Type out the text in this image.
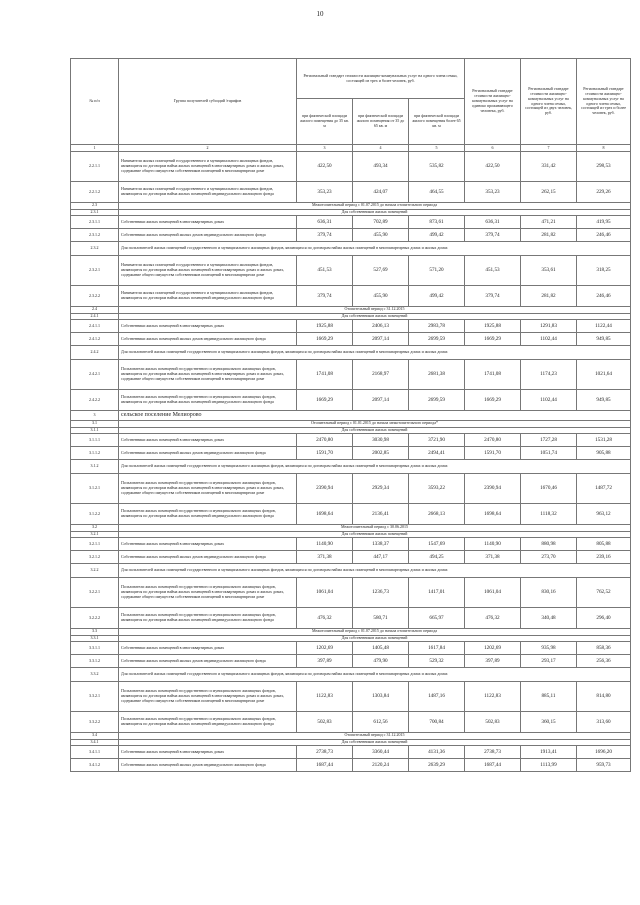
10
№ п/п	Группа получателей субсидий /тарифов	Региональный стандарт стоимости жилищно-коммунальных услуг на одного члена семьи, состоящей из трех и более человек, руб.			Региональный стандарт стоимости жилищно-коммунальных услуг на одиноко проживающего человека, руб.	Региональный стандарт стоимости жилищно-коммунальных услуг на одного члена семьи, состоящей из двух человек, руб.	Региональный стандарт стоимости жилищно-коммунальных услуг на одного члена семьи, состоящей из трех и более человек, руб.
		при фактической площади жилого помещения до 35 кв. м	при фактической площади жилого помещения от 35 до 65 кв. м	при фактической площади жилого помещения более 65 кв. м			
1	2	3	4	5	6	7	8
2.2.1.1	Наниматели жилых помещений государственного и муниципального жилищных фондов, являющиеся по договорам найма жилых помещений в многоквартирных домах и жилых домах, содержание общего имущества собственников помещений в многоквартирном доме	422,50	493,34	535,82	422,50	331,42	298,53
2.2.1.2	Наниматели жилых помещений государственного и муниципального жилищных фондов, являющиеся по договорам найма жилых помещений индивидуального жилищного фонда	353,23	424,07	464,55	353,23	262,15	229,26
2.3	Межотопительный период с 01.07.2015 до начала отопительного периода						
2.3.1	Для собственников жилых помещений						
2.3.1.1	Собственники жилых помещений в многоквартирных домах	636,31	702,89	873,61	636,31	471,21	419,95
2.3.1.2	Собственники жилых помещений жилых домов индивидуального жилищного фонда	379,74	455,90	499,42	379,74	281,82	246,46
2.3.2	Для пользователей жилых помещений государственного и муниципального жилищных фондов, являющихся по договорам найма жилых помещений в многоквартирных домах и жилых домах						
2.3.2.1	Наниматели жилых помещений государственного и муниципального жилищных фондов, являющиеся по договорам найма жилых помещений в многоквартирных домах и жилых домах, содержание общего имущества собственников помещений в многоквартирном доме	451,53	527,69	571,20	451,53	353,61	318,25
2.3.2.2	Наниматели жилых помещений государственного и муниципального жилищных фондов, являющиеся по договорам найма жилых помещений индивидуального жилищного фонда	379,74	455,90	499,42	379,74	281,82	246,46
2.4	Отопительный период с 31.12.2015						
2.4.1	Для собственников жилых помещений						
2.4.1.1	Собственники жилых помещений в многоквартирных домах	1925,88	2406,13	2983,78	1925,88	1291,83	1122,44
2.4.1.2	Собственники жилых помещений жилых домов индивидуального жилищного фонда	1669,29	2097,14	2699,59	1669,29	1102,44	949,85
2.4.2	Для пользователей жилых помещений государственного и муниципального жилищных фондов, являющихся по договорам найма жилых помещений в многоквартирных домах и жилых домах						
2.4.2.1	Пользователи жилых помещений государственного и муниципального жилищных фондов, являющиеся по договорам найма жилых помещений в многоквартирных домах и жилых домах, содержание общего имущества собственников помещений в многоквартирном доме	1741,08	2168,97	2681,38	1741,08	1174,23	1021,64
2.4.2.2	Пользователи жилых помещений государственного и муниципального жилищных фондов, являющиеся по договорам найма жилых помещений индивидуального жилищного фонда	1669,29	2097,14	2699,59	1669,29	1102,44	949,85
3	сельское поселение Мелиорово						
3.1	Отопительный период с 01.01.2015 до начала межотопительного периода*						
3.1.1	Для собственников жилых помещений						
3.1.1.1	Собственники жилых помещений в многоквартирных домах	2470,80	3030,98	3721,90	2470,80	1727,28	1531,28
3.1.1.2	Собственники жилых помещений жилых домов индивидуального жилищного фонда	1591,70	2002,85	2494,41	1591,70	1051,74	905,88
3.1.2	Для пользователей жилых помещений государственного и муниципального жилищных фондов, являющихся по договорам найма жилых помещений в многоквартирных домах и жилых домах						
3.1.2.1	Пользователи жилых помещений государственного и муниципального жилищных фондов, являющиеся по договорам найма жилых помещений в многоквартирных домах и жилых домах, содержание общего имущества собственников помещений в многоквартирном доме	2390,94	2929,34	3593,22	2390,94	1670,46	1487,72
3.1.2.2	Пользователи жилых помещений государственного и муниципального жилищных фондов, являющиеся по договорам найма жилых помещений индивидуального жилищного фонда	1698,64	2136,41	2668,13	1698,64	1118,32	963,12
3.2	Межотопительный период с 30.06.2015						
3.2.1	Для собственников жилых помещений						
3.2.1.1	Собственники жилых помещений в многоквартирных домах	1140,90	1338,37	1547,69	1140,90	880,98	805,88
3.2.1.2	Собственники жилых помещений жилых домов индивидуального жилищного фонда	371,38	447,17	494,25	371,38	273,70	239,16
3.2.2	Для пользователей жилых помещений государственного и муниципального жилищных фондов, являющихся по договорам найма жилых помещений в многоквартирных домах и жилых домах						
3.2.2.1	Пользователи жилых помещений государственного и муниципального жилищных фондов, являющиеся по договорам найма жилых помещений в многоквартирных домах и жилых домах, содержание общего имущества собственников помещений в многоквартирном доме	1061,04	1236,73	1417,01	1061,04	830,16	762,52
3.2.2.2	Пользователи жилых помещений государственного и муниципального жилищных фондов, являющиеся по договорам найма жилых помещений индивидуального жилищного фонда	476,32	580,71	665,97	476,32	340,48	296,40
3.3	Межотопительный период с 01.07.2015 до начала отопительного периода						
3.3.1	Для собственников жилых помещений						
3.3.1.1	Собственники жилых помещений в многоквартирных домах	1202,69	1405,48	1617,84	1202,69	935,98	858,36
3.3.1.2	Собственники жилых помещений жилых домов индивидуального жилищного фонда	397,89	479,90	529,32	397,89	293,17	256,36
3.3.2	Для пользователей жилых помещений государственного и муниципального жилищных фондов, являющихся по договорам найма жилых помещений в многоквартирных домах и жилых домах						
3.3.2.1	Пользователи жилых помещений государственного и муниципального жилищных фондов, являющиеся по договорам найма жилых помещений в многоквартирных домах и жилых домах, содержание общего имущества собственников помещений в многоквартирном доме	1122,83	1303,84	1487,16	1122,83	885,11	814,80
3.3.2.2	Пользователи жилых помещений государственного и муниципального жилищных фондов, являющиеся по договорам найма жилых помещений индивидуального жилищного фонда	502,83	612,56	700,84	502,83	360,15	313,60
3.4	Отопительный период с 31.12.2015						
3.4.1	Для собственников жилых помещений						
3.4.1.1	Собственники жилых помещений в многоквартирных домах	2738,73	3360,44	4131,36	2738,73	1913,41	1696,20
3.4.1.2	Собственники жилых помещений жилых домов индивидуального жилищного фонда	1687,44	2120,24	2639,29	1687,44	1113,99	959,73
